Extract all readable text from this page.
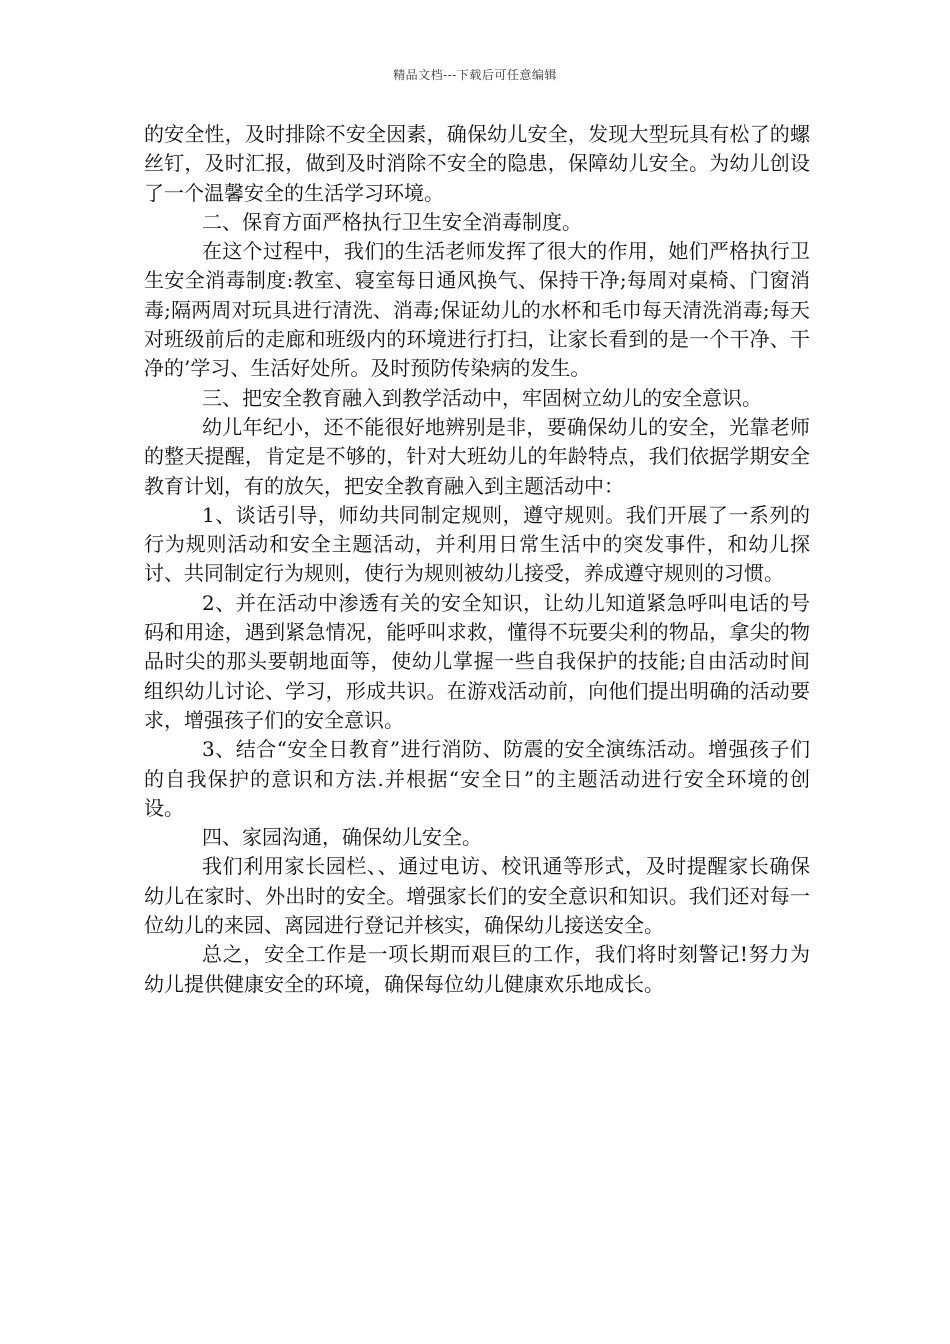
精品文档---下载后可任意编辑

的安全性，及时排除不安全因素，确保幼儿安全，发现大型玩具有松了的螺丝钉，及时汇报，做到及时消除不安全的隐患，保障幼儿安全。为幼儿创设了一个温馨安全的生活学习环境。

二、保育方面严格执行卫生安全消毒制度。

在这个过程中，我们的生活老师发挥了很大的作用，她们严格执行卫生安全消毒制度:教室、寝室每日通风换气、保持干净;每周对桌椅、门窗消毒;隔两周对玩具进行清洗、消毒;保证幼儿的水杯和毛巾每天清洗消毒;每天对班级前后的走廊和班级内的环境进行打扫，让家长看到的是一个干净、干净的’学习、生活好处所。及时预防传染病的发生。

三、把安全教育融入到教学活动中，牢固树立幼儿的安全意识。

幼儿年纪小，还不能很好地辨别是非，要确保幼儿的安全，光靠老师的整天提醒，肯定是不够的，针对大班幼儿的年龄特点，我们依据学期安全教育计划，有的放矢，把安全教育融入到主题活动中：

1、谈话引导，师幼共同制定规则，遵守规则。我们开展了一系列的行为规则活动和安全主题活动，并利用日常生活中的突发事件，和幼儿探讨、共同制定行为规则，使行为规则被幼儿接受，养成遵守规则的习惯。

2、并在活动中渗透有关的安全知识，让幼儿知道紧急呼叫电话的号码和用途，遇到紧急情况，能呼叫求救，懂得不玩要尖利的物品，拿尖的物品时尖的那头要朝地面等，使幼儿掌握一些自我保护的技能;自由活动时间组织幼儿讨论、学习，形成共识。在游戏活动前，向他们提出明确的活动要求，增强孩子们的安全意识。

3、结合“安全日教育”进行消防、防震的安全演练活动。增强孩子们的自我保护的意识和方法.并根据“安全日”的主题活动进行安全环境的创设。

四、家园沟通，确保幼儿安全。

我们利用家长园栏、、通过电访、校讯通等形式，及时提醒家长确保幼儿在家时、外出时的安全。增强家长们的安全意识和知识。我们还对每一位幼儿的来园、离园进行登记并核实，确保幼儿接送安全。

总之，安全工作是一项长期而艰巨的工作，我们将时刻警记!努力为幼儿提供健康安全的环境，确保每位幼儿健康欢乐地成长。
